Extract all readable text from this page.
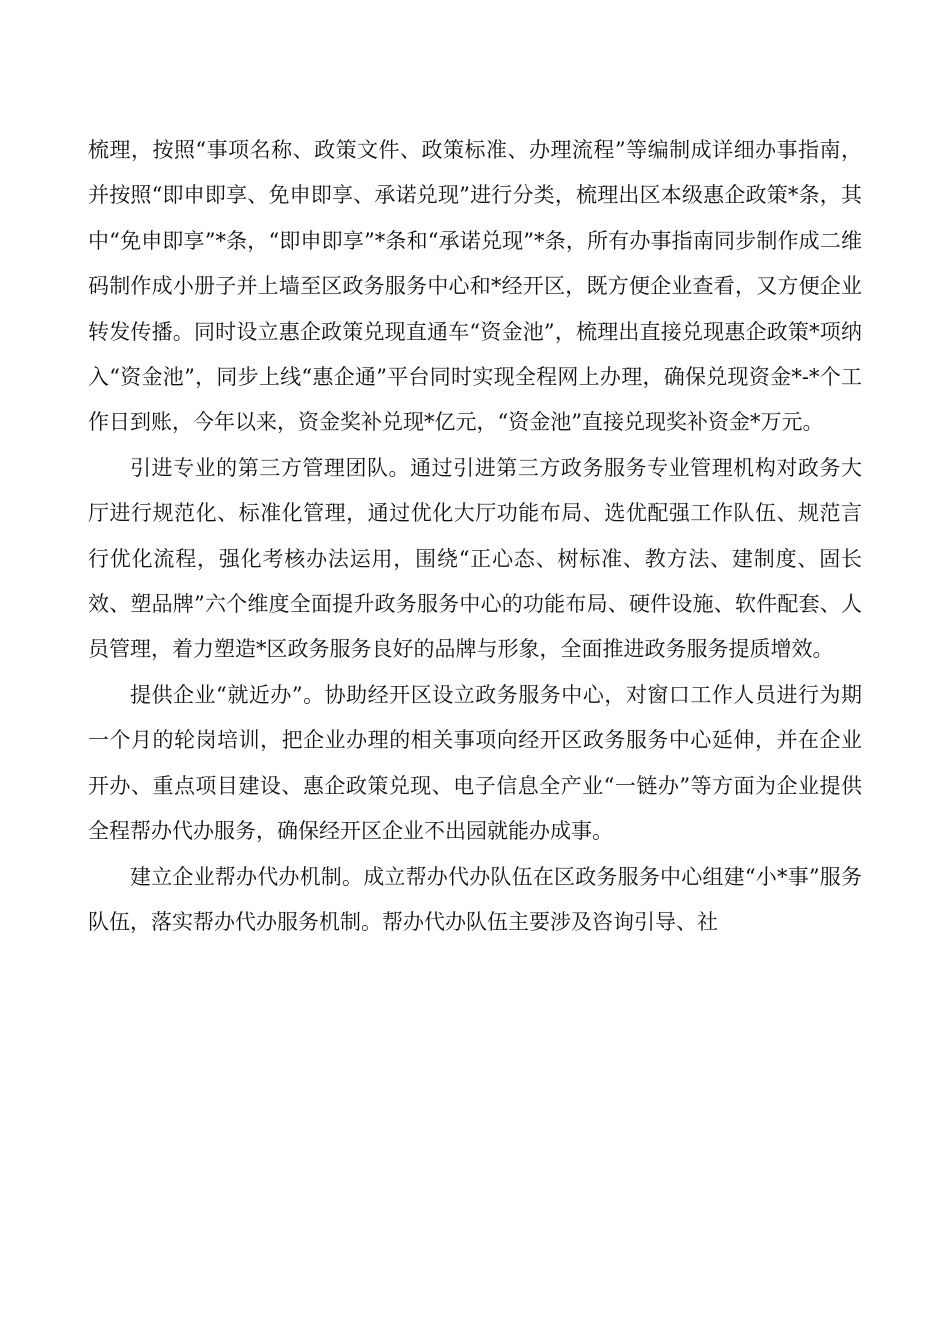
梳理，按照“事项名称、政策文件、政策标准、办理流程”等编制成详细办事指南，并按照“即申即享、免申即享、承诺兑现”进行分类，梳理出区本级惠企政策*条，其中“免申即享”*条，“即申即享”*条和“承诺兑现”*条，所有办事指南同步制作成二维码制作成小册子并上墙至区政务服务中心和*经开区，既方便企业查看，又方便企业转发传播。同时设立惠企政策兑现直通车“资金池”，梳理出直接兑现惠企政策*项纳入“资金池”，同步上线“惠企通”平台同时实现全程网上办理，确保兑现资金*-*个工作日到账，今年以来，资金奖补兑现*亿元，“资金池”直接兑现奖补资金*万元。

引进专业的第三方管理团队。通过引进第三方政务服务专业管理机构对政务大厅进行规范化、标准化管理，通过优化大厅功能布局、选优配强工作队伍、规范言行优化流程，强化考核办法运用，围绕“正心态、树标准、教方法、建制度、固长效、塑品牌”六个维度全面提升政务服务中心的功能布局、硬件设施、软件配套、人员管理，着力塑造*区政务服务良好的品牌与形象，全面推进政务服务提质增效。

提供企业“就近办”。协助经开区设立政务服务中心，对窗口工作人员进行为期一个月的轮岗培训，把企业办理的相关事项向经开区政务服务中心延伸，并在企业开办、重点项目建设、惠企政策兑现、电子信息全产业“一链办”等方面为企业提供全程帮办代办服务，确保经开区企业不出园就能办成事。

建立企业帮办代办机制。成立帮办代办队伍在区政务服务中心组建“小*事”服务队伍，落实帮办代办服务机制。帮办代办队伍主要涉及咨询引导、社
